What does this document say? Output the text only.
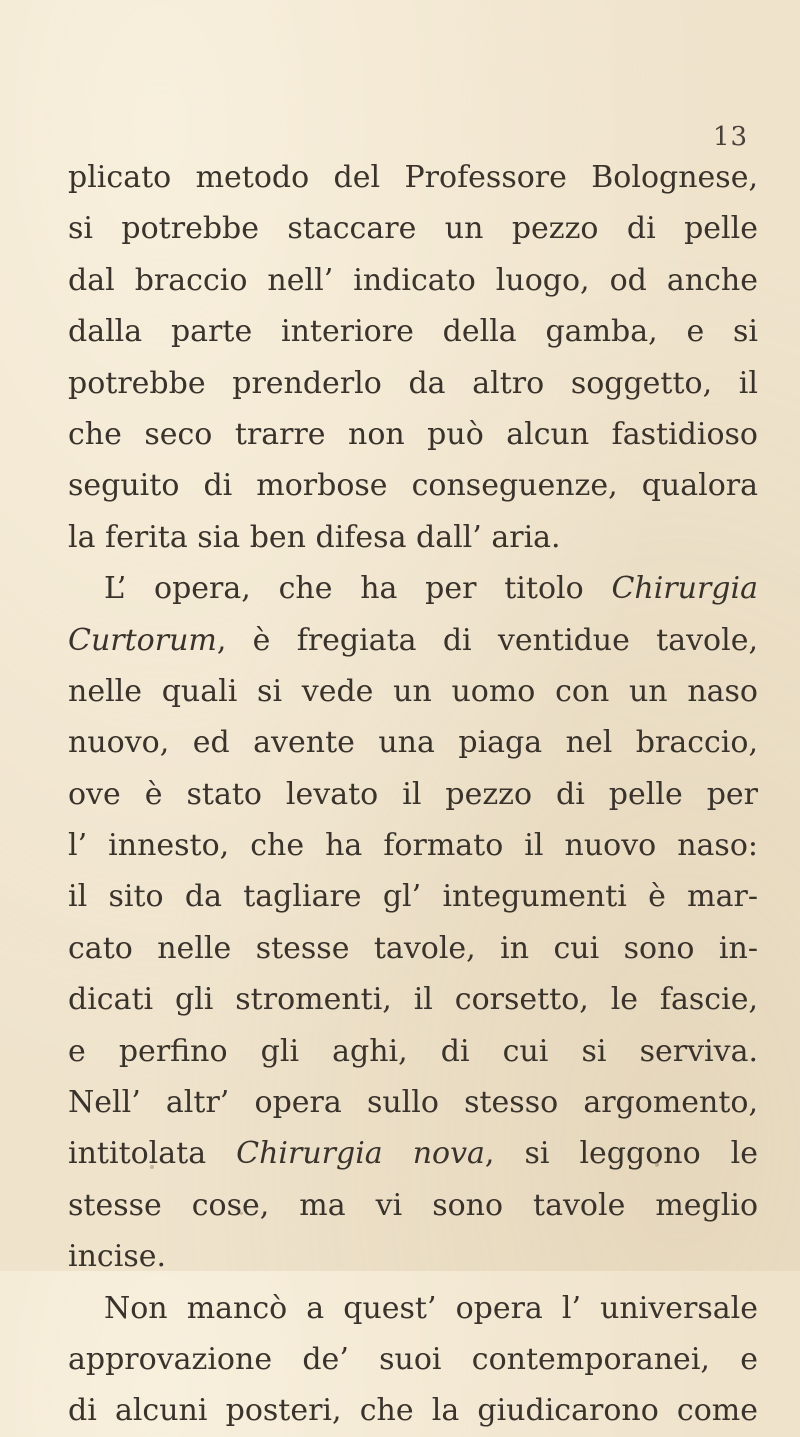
13
plicato metodo del Professore Bolognese,
si potrebbe staccare un pezzo di pelle
dal braccio nell’ indicato luogo, od anche
dalla parte interiore della gamba, e si
potrebbe prenderlo da altro soggetto, il
che seco trarre non può alcun fastidioso
seguito di morbose conseguenze, qualora
la ferita sia ben difesa dall’ aria.
L’ opera, che ha per titolo Chirurgia
Curtorum, è fregiata di ventidue tavole,
nelle quali si vede un uomo con un naso
nuovo, ed avente una piaga nel braccio,
ove è stato levato il pezzo di pelle per
l’ innesto, che ha formato il nuovo naso:
il sito da tagliare gl’ integumenti è mar-
cato nelle stesse tavole, in cui sono in-
dicati gli stromenti, il corsetto, le fascie,
e perfino gli aghi, di cui si serviva.
Nell’ altr’ opera sullo stesso argomento,
intitolata Chirurgia nova, si leggono le
stesse cose, ma vi sono tavole meglio
incise.
Non mancò a quest’ opera l’ universale
approvazione de’ suoi contemporanei, e
di alcuni posteri, che la giudicarono come
